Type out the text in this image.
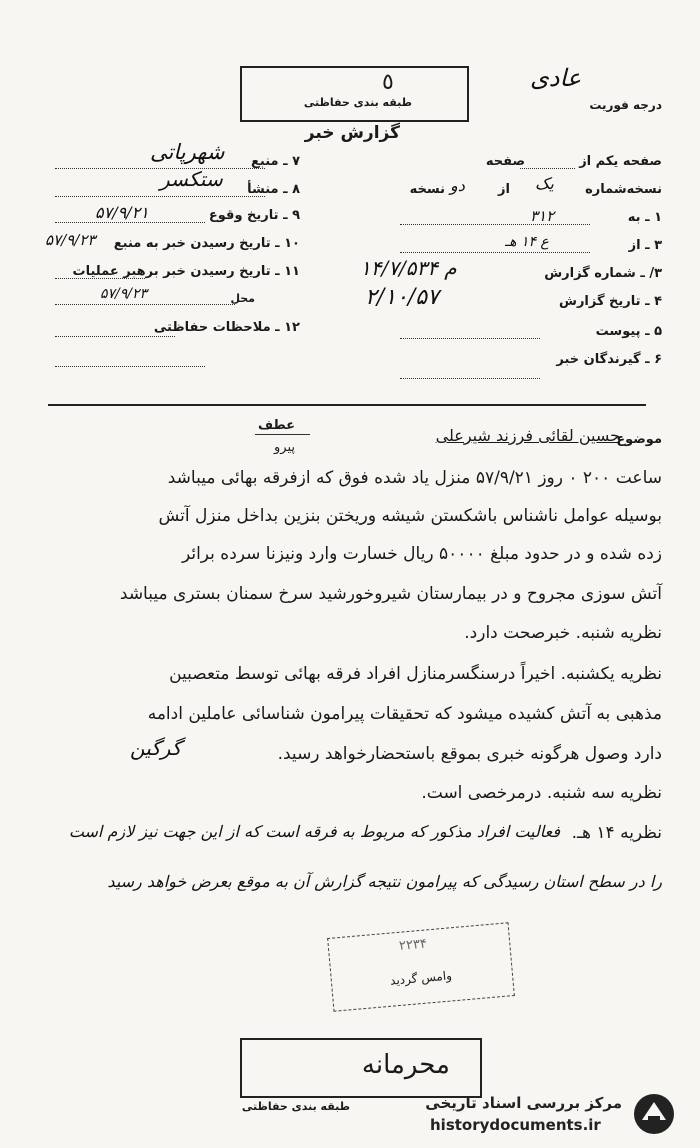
٥
طبقه بندی حفاظتی	درجه فوریت
عادی
گزارش خبر
۷ ـ منبع
شهرپاتی
۸ ـ منشأ
ستکسر
۹ ـ تاریخ وقوع
۵۷/۹/۲۱
۱۰ ـ تاریخ رسیدن خبر به منبع
۵۷/۹/۲۳
۱۱ ـ تاریخ رسیدن خبر برهبر عملیات
محل
۵۷/۹/۲۳
۱۲ ـ ملاحظات حفاظتی
صفحه یکم از
صفحه
نسخه‌شماره
یک
از
دو
نسخه
۱ ـ به
۳۱۲
۳ ـ از
ع ۱۴ هـ
۳/ ـ شماره گزارش
۱۴/۷/۵۳۴ م
۴ ـ تاریخ گزارش
۲/۱۰/۵۷
۵ ـ پیوست
۶ ـ گیرندگان خبر
عطف
پیرو
موضوع
حسین لقائی فرزند شیرعلی
ساعت ۲۰۰ ۰ روز ۵۷/۹/۲۱ منزل یاد شده فوق که ازفرقه بهائی میباشد
بوسیله عوامل ناشناس باشکستن شیشه وریختن بنزین بداخل منزل آتش
زده شده و در حدود مبلغ ۵۰۰۰۰ ریال خسارت وارد ونیزنا سرده برائر
آتش سوزی مجروح و در بیمارستان شیروخورشید سرخ سمنان بستری میباشد
نظریه شنبه. خبرصحت دارد.
نظریه یکشنبه. اخیراً درسنگسرمنازل افراد فرقه بهائی توسط متعصبین
مذهبی به آتش کشیده میشود که تحقیقات پیرامون شناسائی عاملین ادامه
دارد وصول هرگونه خبری بموقع باستحضارخواهد رسید.
نظریه سه شنبه. درمرخصی است.
نظریه ۱۴ هـ.
گرگین
فعالیت افراد مذکور که مربوط به فرقه است که از این جهت نیز لازم است
را در سطح استان رسیدگی که پیرامون نتیجه گزارش آن به موقع بعرض خواهد رسید
۲۲۳۴
وامس گردید
محرمانه
طبقه بندی حفاظتی	مرکز بررسی اسناد تاریخی
historydocuments.ir
